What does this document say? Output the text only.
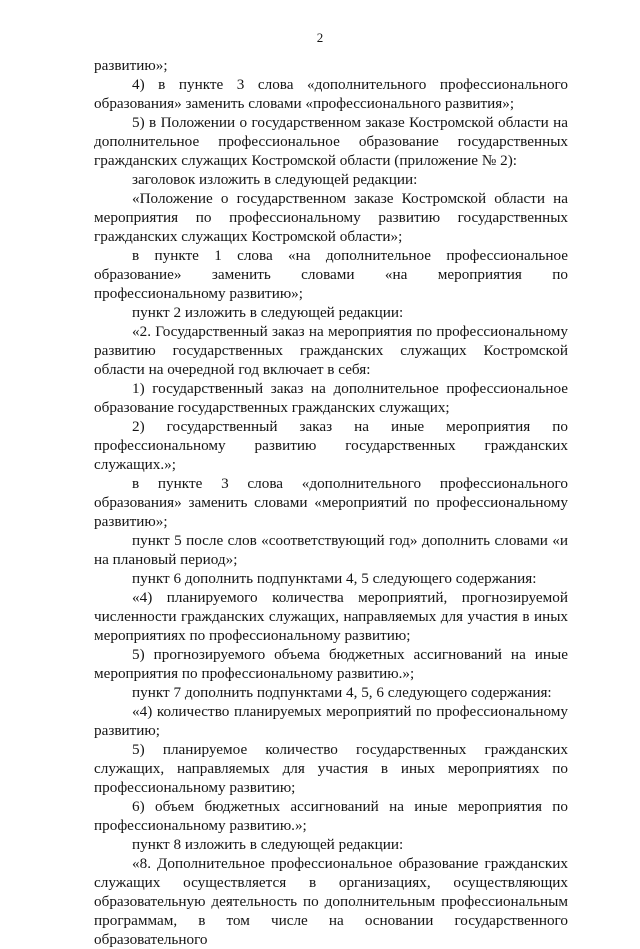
2

развитию»;

4) в пункте 3 слова «дополнительного профессионального образования» заменить словами «профессионального развития»;

5) в Положении о государственном заказе Костромской области на дополнительное профессиональное образование государственных гражданских служащих Костромской области (приложение № 2):

заголовок изложить в следующей редакции:

«Положение о государственном заказе Костромской области на мероприятия по профессиональному развитию государственных гражданских служащих Костромской области»;

в пункте 1 слова «на дополнительное профессиональное образование» заменить словами «на мероприятия по профессиональному развитию»;

пункт 2 изложить в следующей редакции:

«2. Государственный заказ на мероприятия по профессиональному развитию государственных гражданских служащих Костромской области на очередной год включает в себя:

1) государственный заказ на дополнительное профессиональное образование государственных гражданских служащих;

2) государственный заказ на иные мероприятия по профессиональному развитию государственных гражданских служащих.»;

в пункте 3 слова «дополнительного профессионального образования» заменить словами «мероприятий по профессиональному развитию»;

пункт 5 после слов «соответствующий год» дополнить словами «и на плановый период»;

пункт 6 дополнить подпунктами 4, 5 следующего содержания:

«4) планируемого количества мероприятий, прогнозируемой численности гражданских служащих, направляемых для участия в иных мероприятиях по профессиональному развитию;

5) прогнозируемого объема бюджетных ассигнований на иные мероприятия по профессиональному развитию.»;

пункт 7 дополнить подпунктами 4, 5, 6 следующего содержания:

«4) количество планируемых мероприятий по профессиональному развитию;

5) планируемое количество государственных гражданских служащих, направляемых для участия в иных мероприятиях по профессиональному развитию;

6) объем бюджетных ассигнований на иные мероприятия по профессиональному развитию.»;

пункт 8 изложить в следующей редакции:

«8. Дополнительное профессиональное образование гражданских служащих осуществляется в организациях, осуществляющих образовательную деятельность по дополнительным профессиональным программам, в том числе на основании государственного образовательного
